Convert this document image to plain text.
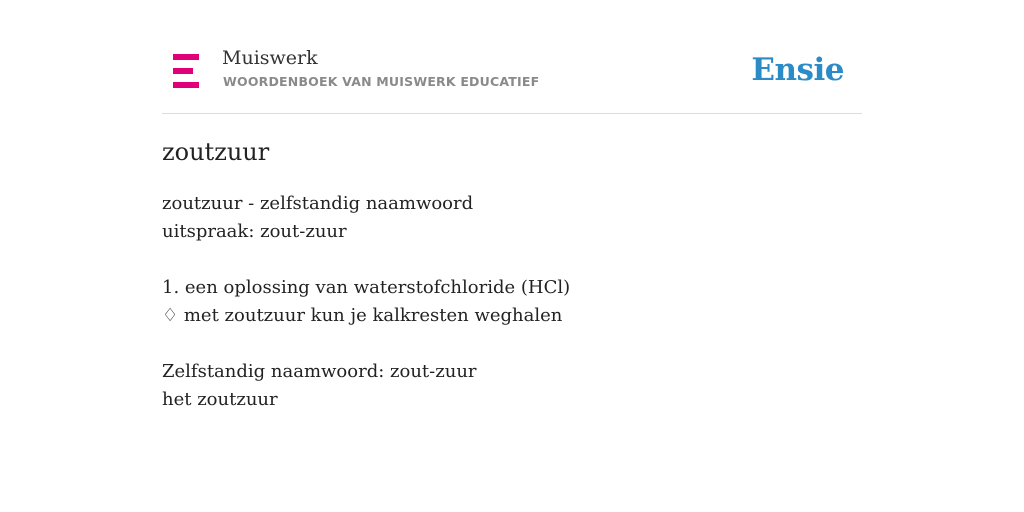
Muiswerk
WOORDENBOEK VAN MUISWERK EDUCATIEF	Ensie
zoutzuur
zoutzuur - zelfstandig naamwoord
uitspraak: zout-zuur
1. een oplossing van waterstofchloride (HCl)
♢ met zoutzuur kun je kalkresten weghalen
Zelfstandig naamwoord: zout-zuur
het zoutzuur
